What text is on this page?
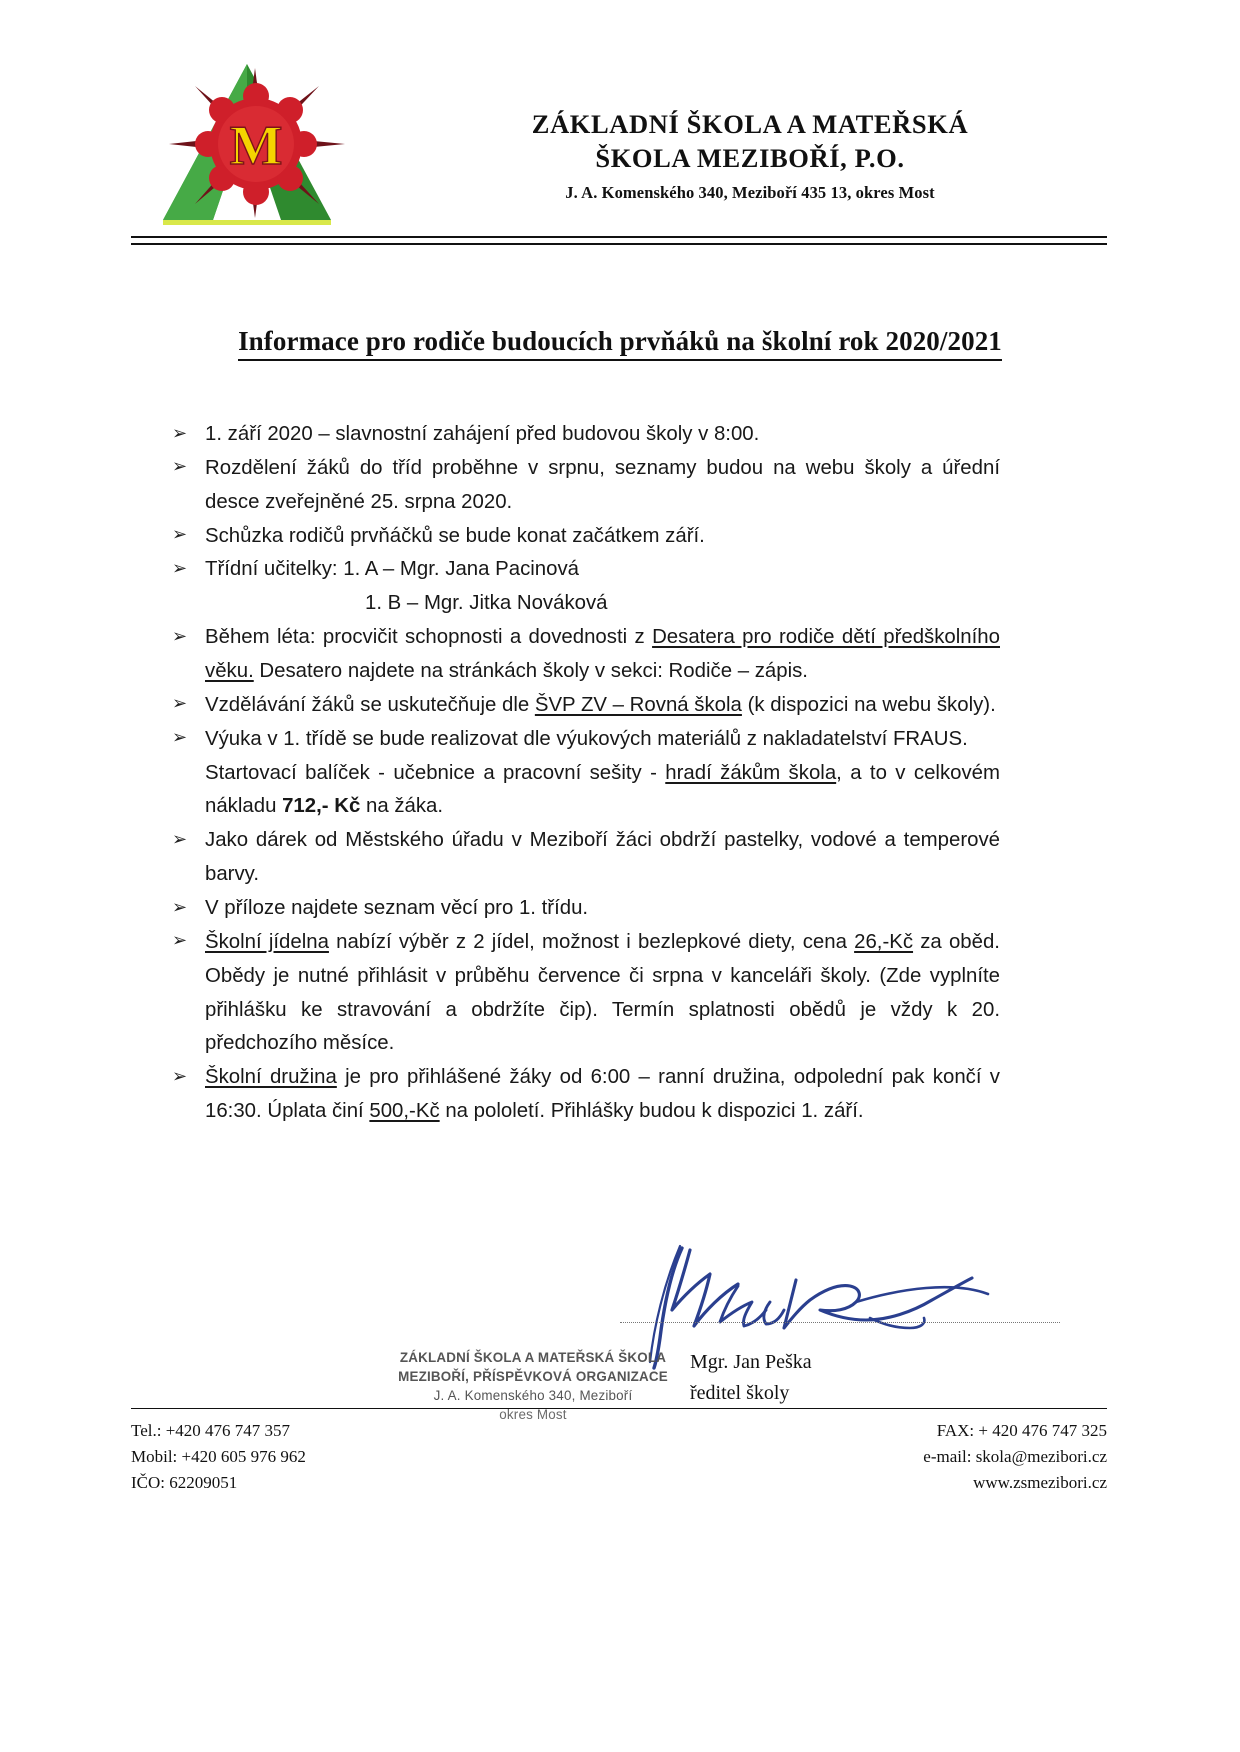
M	ZÁKLADNÍ ŠKOLA A MATEŘSKÁ
ŠKOLA MEZIBOŘÍ, P.O.
J. A. Komenského 340, Meziboří 435 13, okres Most
Informace pro rodiče budoucích prvňáků na školní rok 2020/2021
➢ 1. září 2020 – slavnostní zahájení před budovou školy v 8:00.
➢ Rozdělení žáků do tříd proběhne v srpnu, seznamy budou na webu školy a úřední desce zveřejněné 25. srpna 2020.
➢ Schůzka rodičů prvňáčků se bude konat začátkem září.
➢ Třídní učitelky: 1. A – Mgr. Jana Pacinová
1. B – Mgr. Jitka Nováková
➢ Během léta: procvičit schopnosti a dovednosti z Desatera pro rodiče dětí předškolního věku. Desatero najdete na stránkách školy v sekci: Rodiče – zápis.
➢ Vzdělávání žáků se uskutečňuje dle ŠVP ZV – Rovná škola (k dispozici na webu školy).
➢ Výuka v 1. třídě se bude realizovat dle výukových materiálů z nakladatelství FRAUS.
Startovací balíček - učebnice a pracovní sešity - hradí žákům škola, a to v celkovém nákladu 712,- Kč na žáka.
➢ Jako dárek od Městského úřadu v Meziboří žáci obdrží pastelky, vodové a temperové barvy.
➢ V příloze najdete seznam věcí pro 1. třídu.
➢ Školní jídelna nabízí výběr z 2 jídel, možnost i bezlepkové diety, cena 26,-Kč za oběd. Obědy je nutné přihlásit v průběhu července či srpna v kanceláři školy. (Zde vyplníte přihlášku ke stravování a obdržíte čip). Termín splatnosti obědů je vždy k 20. předchozího měsíce.
➢ Školní družina je pro přihlášené žáky od 6:00 – ranní družina, odpolední pak končí v 16:30. Úplata činí 500,-Kč na pololetí. Přihlášky budou k dispozici 1. září.
ZÁKLADNÍ ŠKOLA A MATEŘSKÁ ŠKOLA
MEZIBOŘÍ, PŘÍSPĚVKOVÁ ORGANIZACE
J. A. Komenského 340, Meziboří
okres Most
Mgr. Jan Peška
ředitel školy
Tel.: +420 476 747 357
Mobil: +420 605 976 962
IČO: 62209051
FAX: + 420 476 747 325
e-mail: skola@mezibori.cz
www.zsmezibori.cz
